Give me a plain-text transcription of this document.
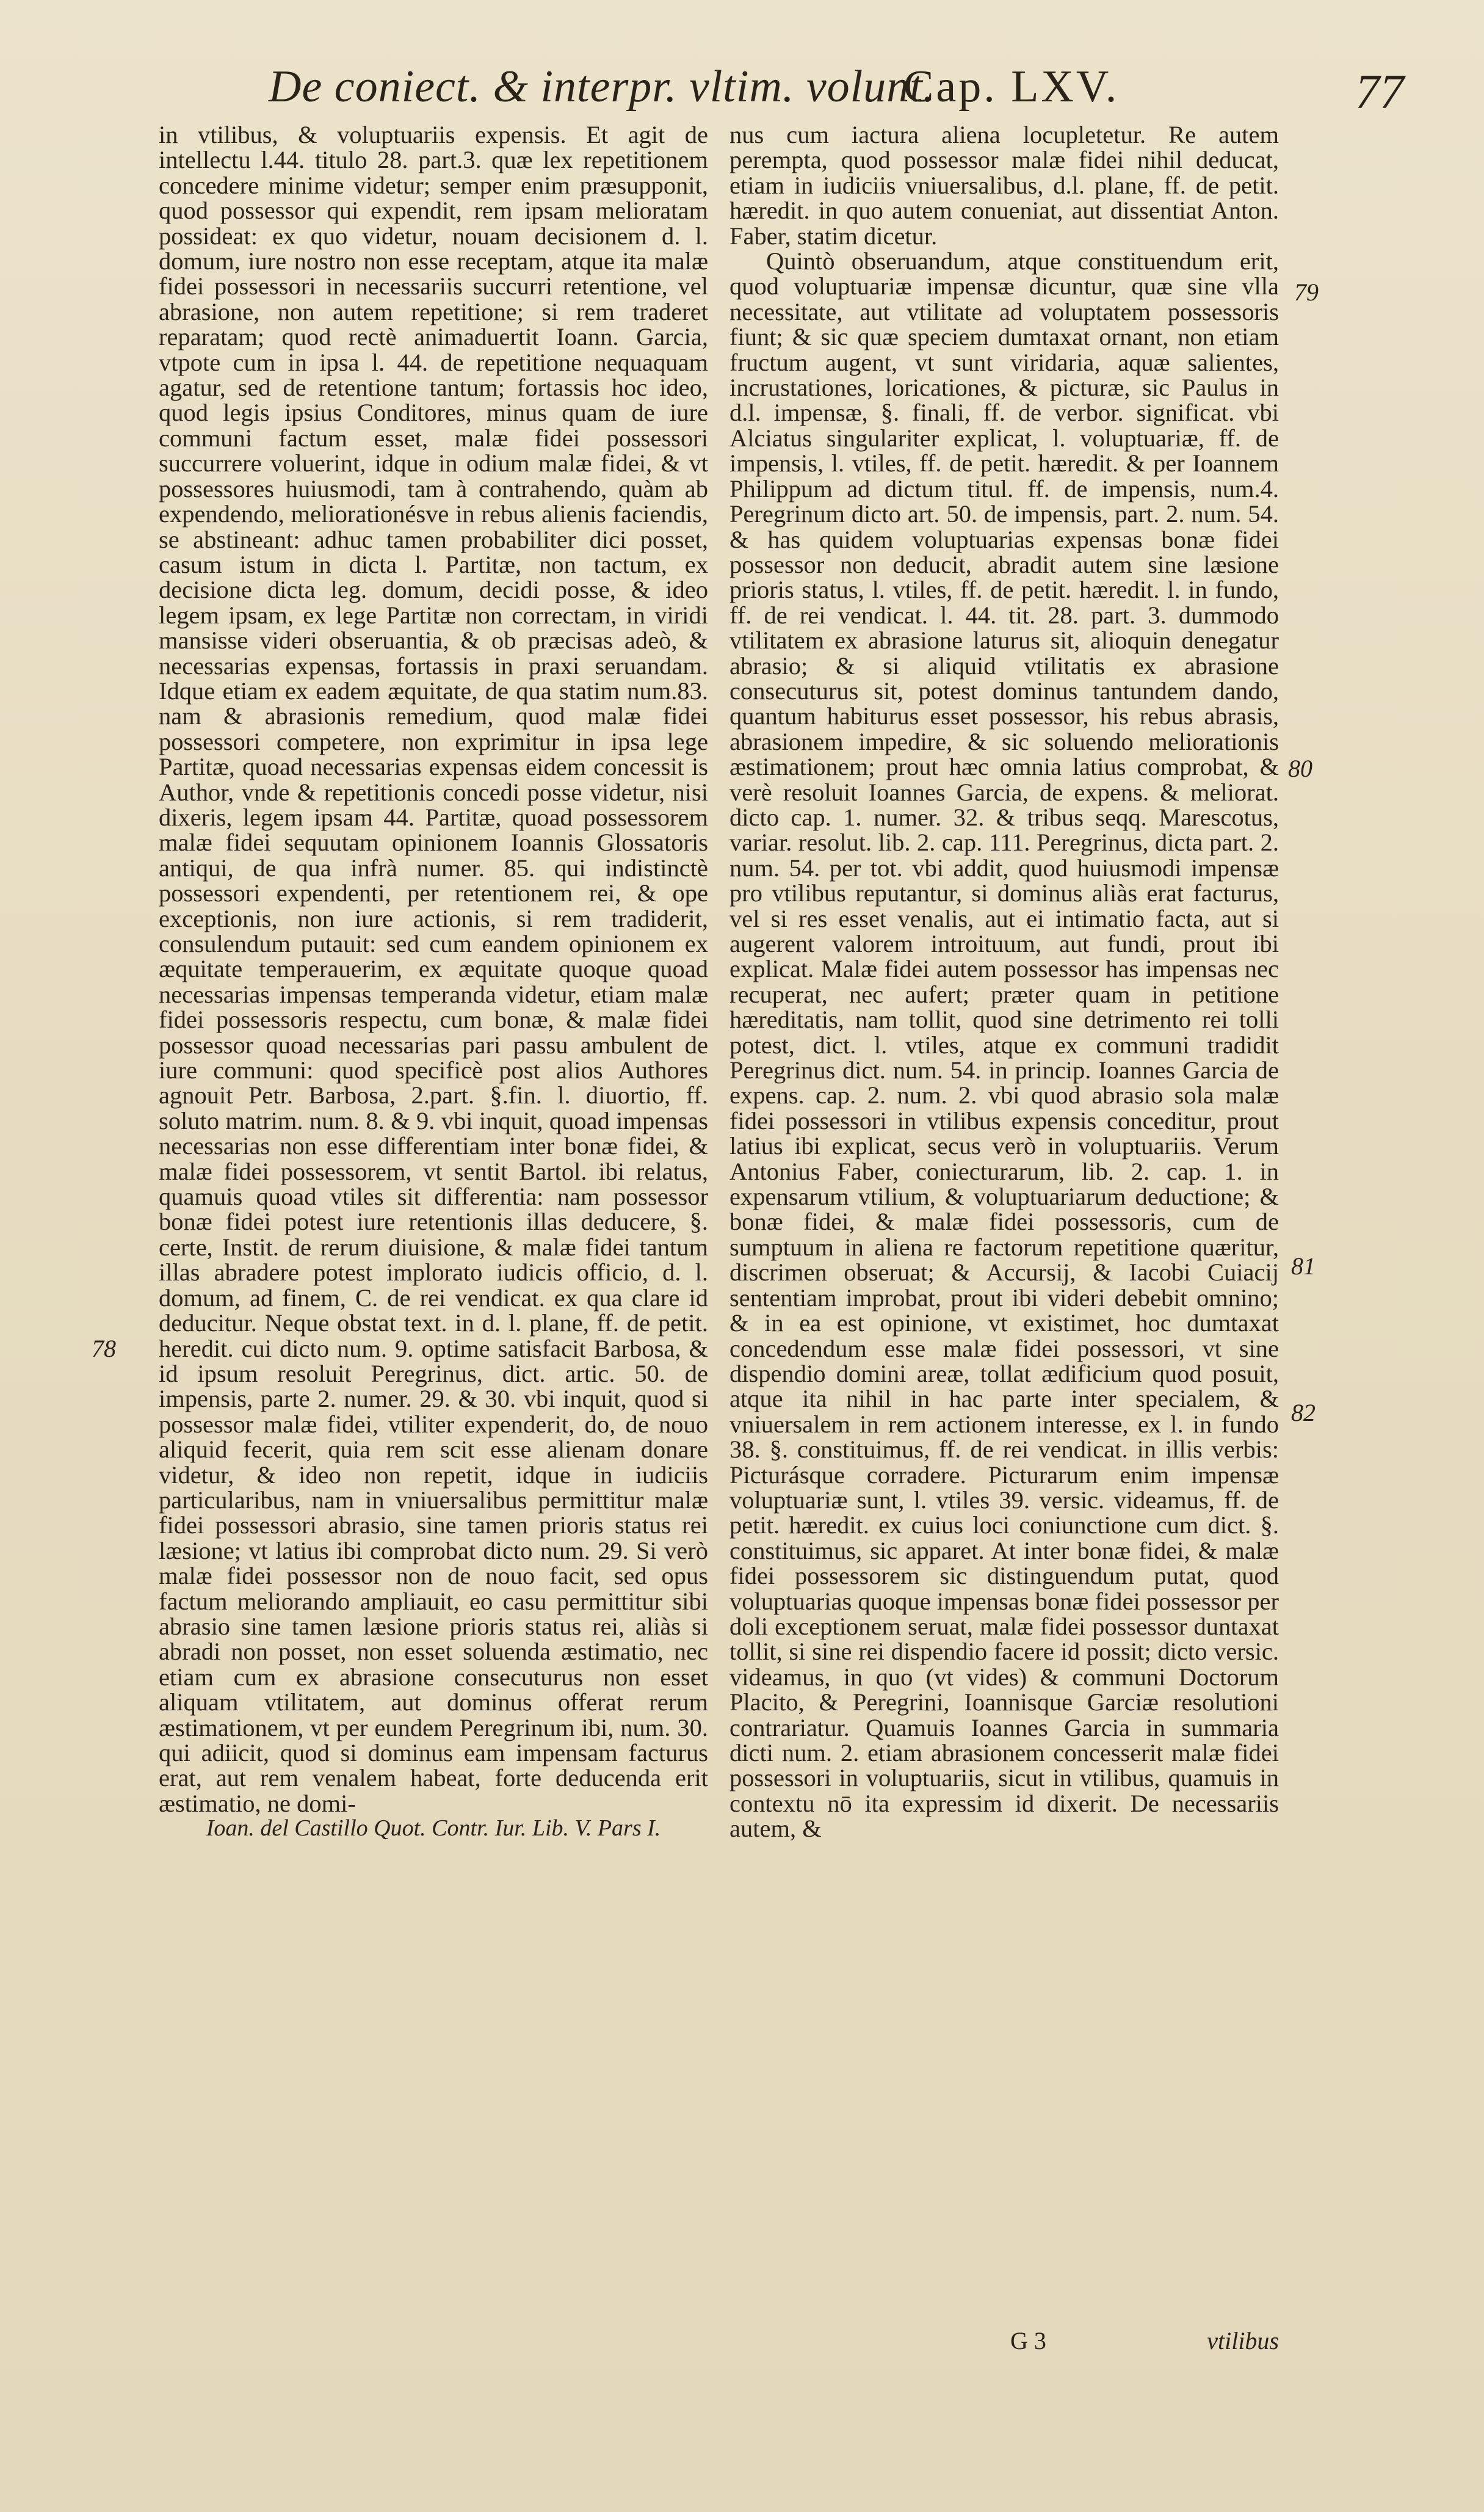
De coniect. & interpr. vltim. volunt.
Cap. LXV.	77

in vtilibus, & voluptuariis expensis. Et agit de intellectu l.44. titulo 28. part.3. quæ lex repetitionem concedere minime videtur; semper enim præsupponit, quod possessor qui expendit, rem ipsam melioratam possideat: ex quo videtur, nouam decisionem d. l. domum, iure nostro non esse receptam, atque ita malæ fidei possessori in necessariis succurri retentione, vel abrasione, non autem repetitione; si rem traderet reparatam; quod rectè animaduertit Ioann. Garcia, vtpote cum in ipsa l. 44. de repetitione nequaquam agatur, sed de retentione tantum; fortassis hoc ideo, quod legis ipsius Conditores, minus quam de iure communi factum esset, malæ fidei possessori succurrere voluerint, idque in odium malæ fidei, & vt possessores huiusmodi, tam à contrahendo, quàm ab expendendo, meliorationésve in rebus alienis faciendis, se abstineant: adhuc tamen probabiliter dici posset, casum istum in dicta l. Partitæ, non tactum, ex decisione dicta leg. domum, decidi posse, & ideo legem ipsam, ex lege Partitæ non correctam, in viridi mansisse videri obseruantia, & ob præcisas adeò, & necessarias expensas, fortassis in praxi seruandam. Idque etiam ex eadem æquitate, de qua statim num.83. nam & abrasionis remedium, quod malæ fidei possessori competere, non exprimitur in ipsa lege Partitæ, quoad necessarias expensas eidem concessit is Author, vnde & repetitionis concedi posse videtur, nisi dixeris, legem ipsam 44. Partitæ, quoad possessorem malæ fidei sequutam opinionem Ioannis Glossatoris antiqui, de qua infrà numer. 85. qui indistinctè possessori expendenti, per retentionem rei, & ope exceptionis, non iure actionis, si rem tradiderit, consulendum putauit: sed cum eandem opinionem ex æquitate temperauerim, ex æquitate quoque quoad necessarias impensas temperanda videtur, etiam malæ fidei possessoris respectu, cum bonæ, & malæ fidei possessor quoad necessarias pari passu ambulent de iure communi: quod specificè post alios Authores agnouit Petr. Barbosa, 2.part. §.fin. l. diuortio, ff. soluto matrim. num. 8. & 9. vbi inquit, quoad impensas necessarias non esse differentiam inter bonæ fidei, & malæ fidei possessorem, vt sentit Bartol. ibi relatus, quamuis quoad vtiles sit differentia: nam possessor bonæ fidei potest iure retentionis illas deducere, §. certe, Instit. de rerum diuisione, & malæ fidei tantum illas abradere potest implorato iudicis officio, d. l. domum, ad finem, C. de rei vendicat. ex qua clare id deducitur. Neque obstat text. in d. l. plane, ff. de petit. heredit. cui dicto num. 9. optime satisfacit Barbosa, & id ipsum resoluit Peregrinus, dict. artic. 50. de impensis, parte 2. numer. 29. & 30. vbi inquit, quod si possessor malæ fidei, vtiliter expenderit, do, de nouo aliquid fecerit, quia rem scit esse alienam donare videtur, & ideo non repetit, idque in iudiciis particularibus, nam in vniuersalibus permittitur malæ fidei possessori abrasio, sine tamen prioris status rei læsione; vt latius ibi comprobat dicto num. 29. Si verò malæ fidei possessor non de nouo facit, sed opus factum meliorando ampliauit, eo casu permittitur sibi abrasio sine tamen læsione prioris status rei, aliàs si abradi non posset, non esset soluenda æstimatio, nec etiam cum ex abrasione consecuturus non esset aliquam vtilitatem, aut dominus offerat rerum æstimationem, vt per eundem Peregrinum ibi, num. 30. qui adiicit, quod si dominus eam impensam facturus erat, aut rem venalem habeat, forte deducenda erit æstimatio, ne domi-

Ioan. del Castillo Quot. Contr. Iur. Lib. V. Pars I.

nus cum iactura aliena locupletetur. Re autem perempta, quod possessor malæ fidei nihil deducat, etiam in iudiciis vniuersalibus, d.l. plane, ff. de petit. hæredit. in quo autem conueniat, aut dissentiat Anton. Faber, statim dicetur.

Quintò obseruandum, atque constituendum erit, quod voluptuariæ impensæ dicuntur, quæ sine vlla necessitate, aut vtilitate ad voluptatem possessoris fiunt; & sic quæ speciem dumtaxat ornant, non etiam fructum augent, vt sunt viridaria, aquæ salientes, incrustationes, loricationes, & picturæ, sic Paulus in d.l. impensæ, §. finali, ff. de verbor. significat. vbi Alciatus singulariter explicat, l. voluptuariæ, ff. de impensis, l. vtiles, ff. de petit. hæredit. & per Ioannem Philippum ad dictum titul. ff. de impensis, num.4. Peregrinum dicto art. 50. de impensis, part. 2. num. 54. & has quidem voluptuarias expensas bonæ fidei possessor non deducit, abradit autem sine læsione prioris status, l. vtiles, ff. de petit. hæredit. l. in fundo, ff. de rei vendicat. l. 44. tit. 28. part. 3. dummodo vtilitatem ex abrasione laturus sit, alioquin denegatur abrasio; & si aliquid vtilitatis ex abrasione consecuturus sit, potest dominus tantundem dando, quantum habiturus esset possessor, his rebus abrasis, abrasionem impedire, & sic soluendo meliorationis æstimationem; prout hæc omnia latius comprobat, & verè resoluit Ioannes Garcia, de expens. & meliorat. dicto cap. 1. numer. 32. & tribus seqq. Marescotus, variar. resolut. lib. 2. cap. 111. Peregrinus, dicta part. 2. num. 54. per tot. vbi addit, quod huiusmodi impensæ pro vtilibus reputantur, si dominus aliàs erat facturus, vel si res esset venalis, aut ei intimatio facta, aut si augerent valorem introituum, aut fundi, prout ibi explicat. Malæ fidei autem possessor has impensas nec recuperat, nec aufert; præter quam in petitione hæreditatis, nam tollit, quod sine detrimento rei tolli potest, dict. l. vtiles, atque ex communi tradidit Peregrinus dict. num. 54. in princip. Ioannes Garcia de expens. cap. 2. num. 2. vbi quod abrasio sola malæ fidei possessori in vtilibus expensis conceditur, prout latius ibi explicat, secus verò in voluptuariis. Verum Antonius Faber, coniecturarum, lib. 2. cap. 1. in expensarum vtilium, & voluptuariarum deductione; & bonæ fidei, & malæ fidei possessoris, cum de sumptuum in aliena re factorum repetitione quæritur, discrimen obseruat; & Accursij, & Iacobi Cuiacij sententiam improbat, prout ibi videri debebit omnino; & in ea est opinione, vt existimet, hoc dumtaxat concedendum esse malæ fidei possessori, vt sine dispendio domini areæ, tollat ædificium quod posuit, atque ita nihil in hac parte inter specialem, & vniuersalem in rem actionem interesse, ex l. in fundo 38. §. constituimus, ff. de rei vendicat. in illis verbis: Picturásque corradere. Picturarum enim impensæ voluptuariæ sunt, l. vtiles 39. versic. videamus, ff. de petit. hæredit. ex cuius loci coniunctione cum dict. §. constituimus, sic apparet. At inter bonæ fidei, & malæ fidei possessorem sic distinguendum putat, quod voluptuarias quoque impensas bonæ fidei possessor per doli exceptionem seruat, malæ fidei possessor duntaxat tollit, si sine rei dispendio facere id possit; dicto versic. videamus, in quo (vt vides) & communi Doctorum Placito, & Peregrini, Ioannisque Garciæ resolutioni contrariatur. Quamuis Ioannes Garcia in summaria dicti num. 2. etiam abrasionem concesserit malæ fidei possessori in voluptuariis, sicut in vtilibus, quamuis in contextu nō ita expressim id dixerit. De necessariis autem, &

G 3	vtilibus
78
79
80
81
82
